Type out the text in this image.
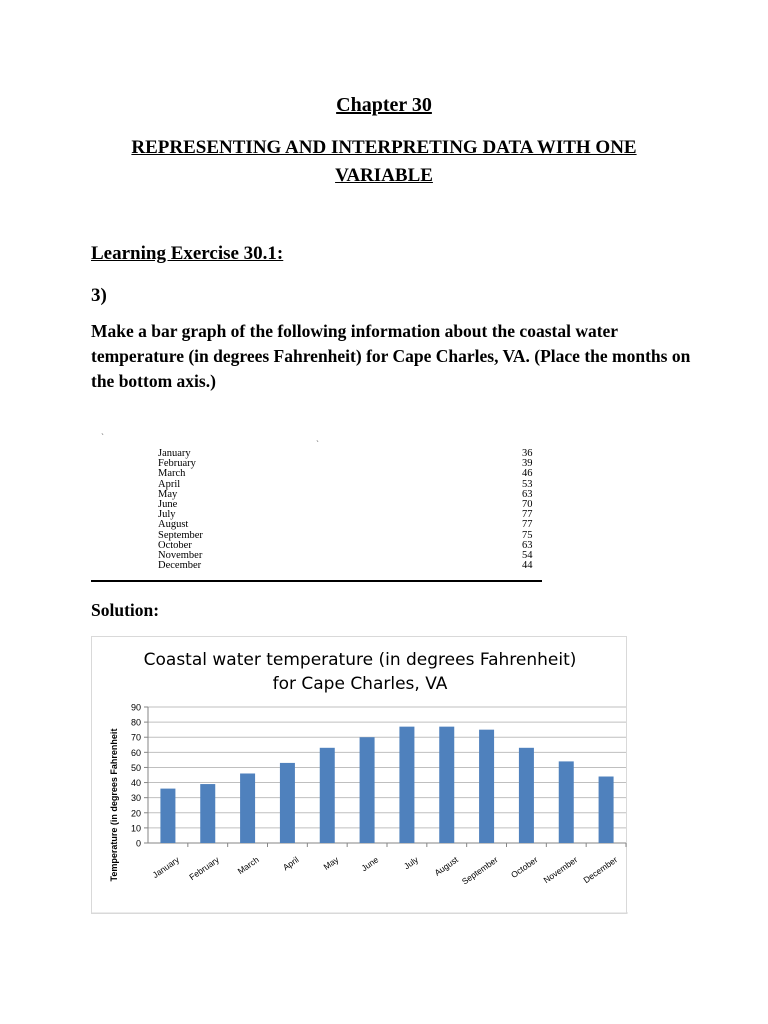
Chapter 30
REPRESENTING AND INTERPRETING DATA WITH ONE VARIABLE
Learning Exercise 30.1:
3)

Make a bar graph of the following information about the coastal water temperature (in degrees Fahrenheit) for Cape Charles, VA. (Place the months on the bottom axis.)

ˋ	ˏ
January	36
February	39
March	46
April	53
May	63
June	70
July	77
August	77
September	75
October	63
November	54
December	44
Solution:
Coastal water temperature (in degrees Fahrenheit)
for Cape Charles, VA
0
10
20
30
40
50
60
70
80
90
Temperature (in degrees Fahrenheit	January February March April May June	July August September October November December
